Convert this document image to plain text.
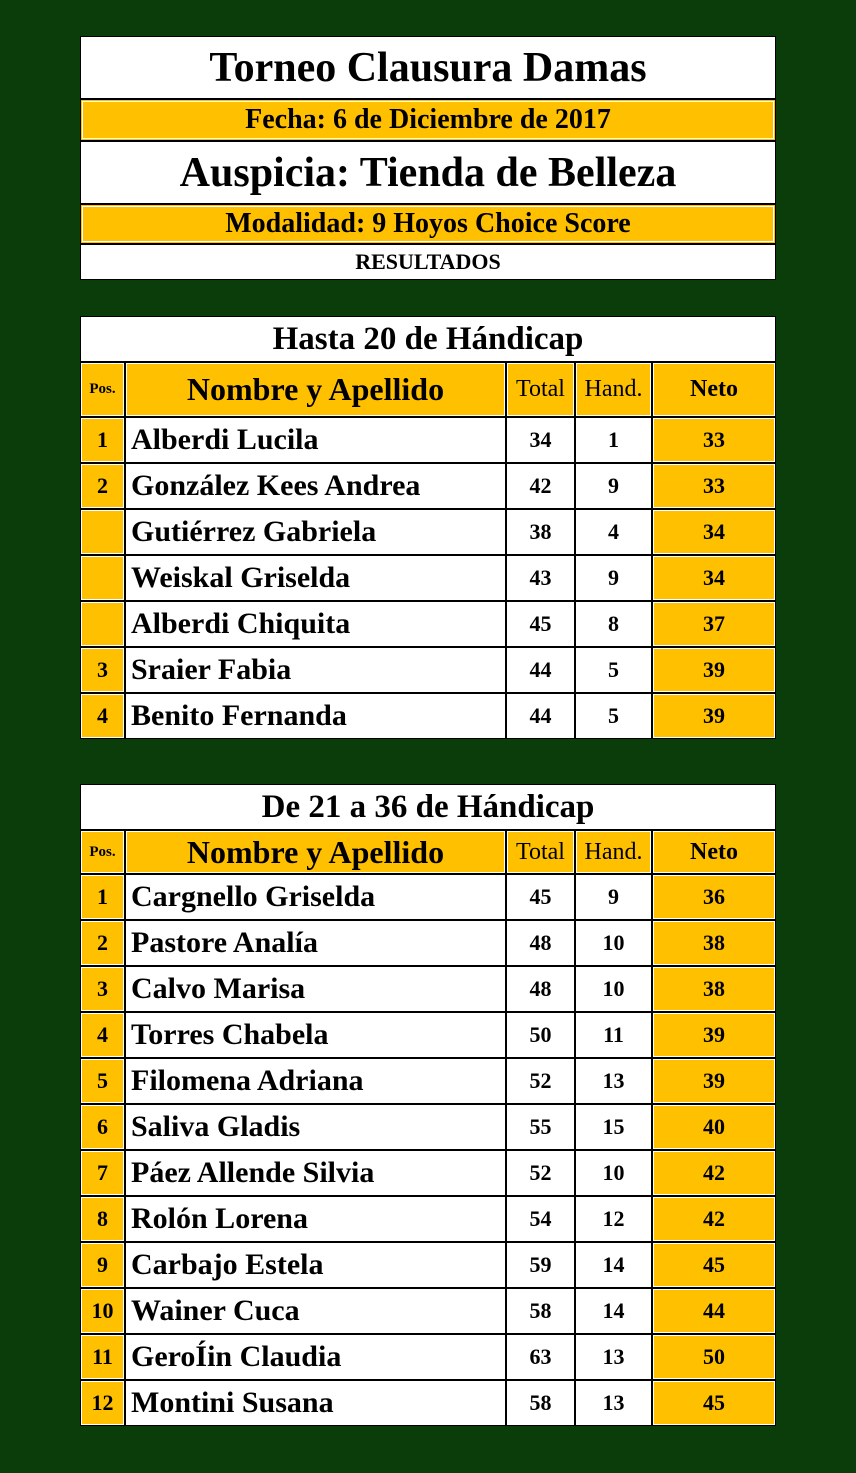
Torneo Clausura Damas
Fecha: 6 de Diciembre de 2017
Auspicia: Tienda de Belleza
Modalidad: 9 Hoyos Choice Score
RESULTADOS
Hasta 20 de Hándicap
Pos.	Nombre y Apellido	Total	Hand.	Neto
1	Alberdi Lucila	34	1	33
2	González Kees Andrea	42	9	33
	Gutiérrez Gabriela	38	4	34
	Weiskal Griselda	43	9	34
	Alberdi Chiquita	45	8	37
3	Sraier Fabia	44	5	39
4	Benito Fernanda	44	5	39
De 21 a 36 de Hándicap
Pos.	Nombre y Apellido	Total	Hand.	Neto
1	Cargnello Griselda	45	9	36
2	Pastore Analía	48	10	38
3	Calvo Marisa	48	10	38
4	Torres Chabela	50	11	39
5	Filomena Adriana	52	13	39
6	Saliva Gladis	55	15	40
7	Páez Allende Silvia	52	10	42
8	Rolón Lorena	54	12	42
9	Carbajo Estela	59	14	45
10	Wainer Cuca	58	14	44
11	GeroÍin Claudia	63	13	50
12	Montini Susana	58	13	45
